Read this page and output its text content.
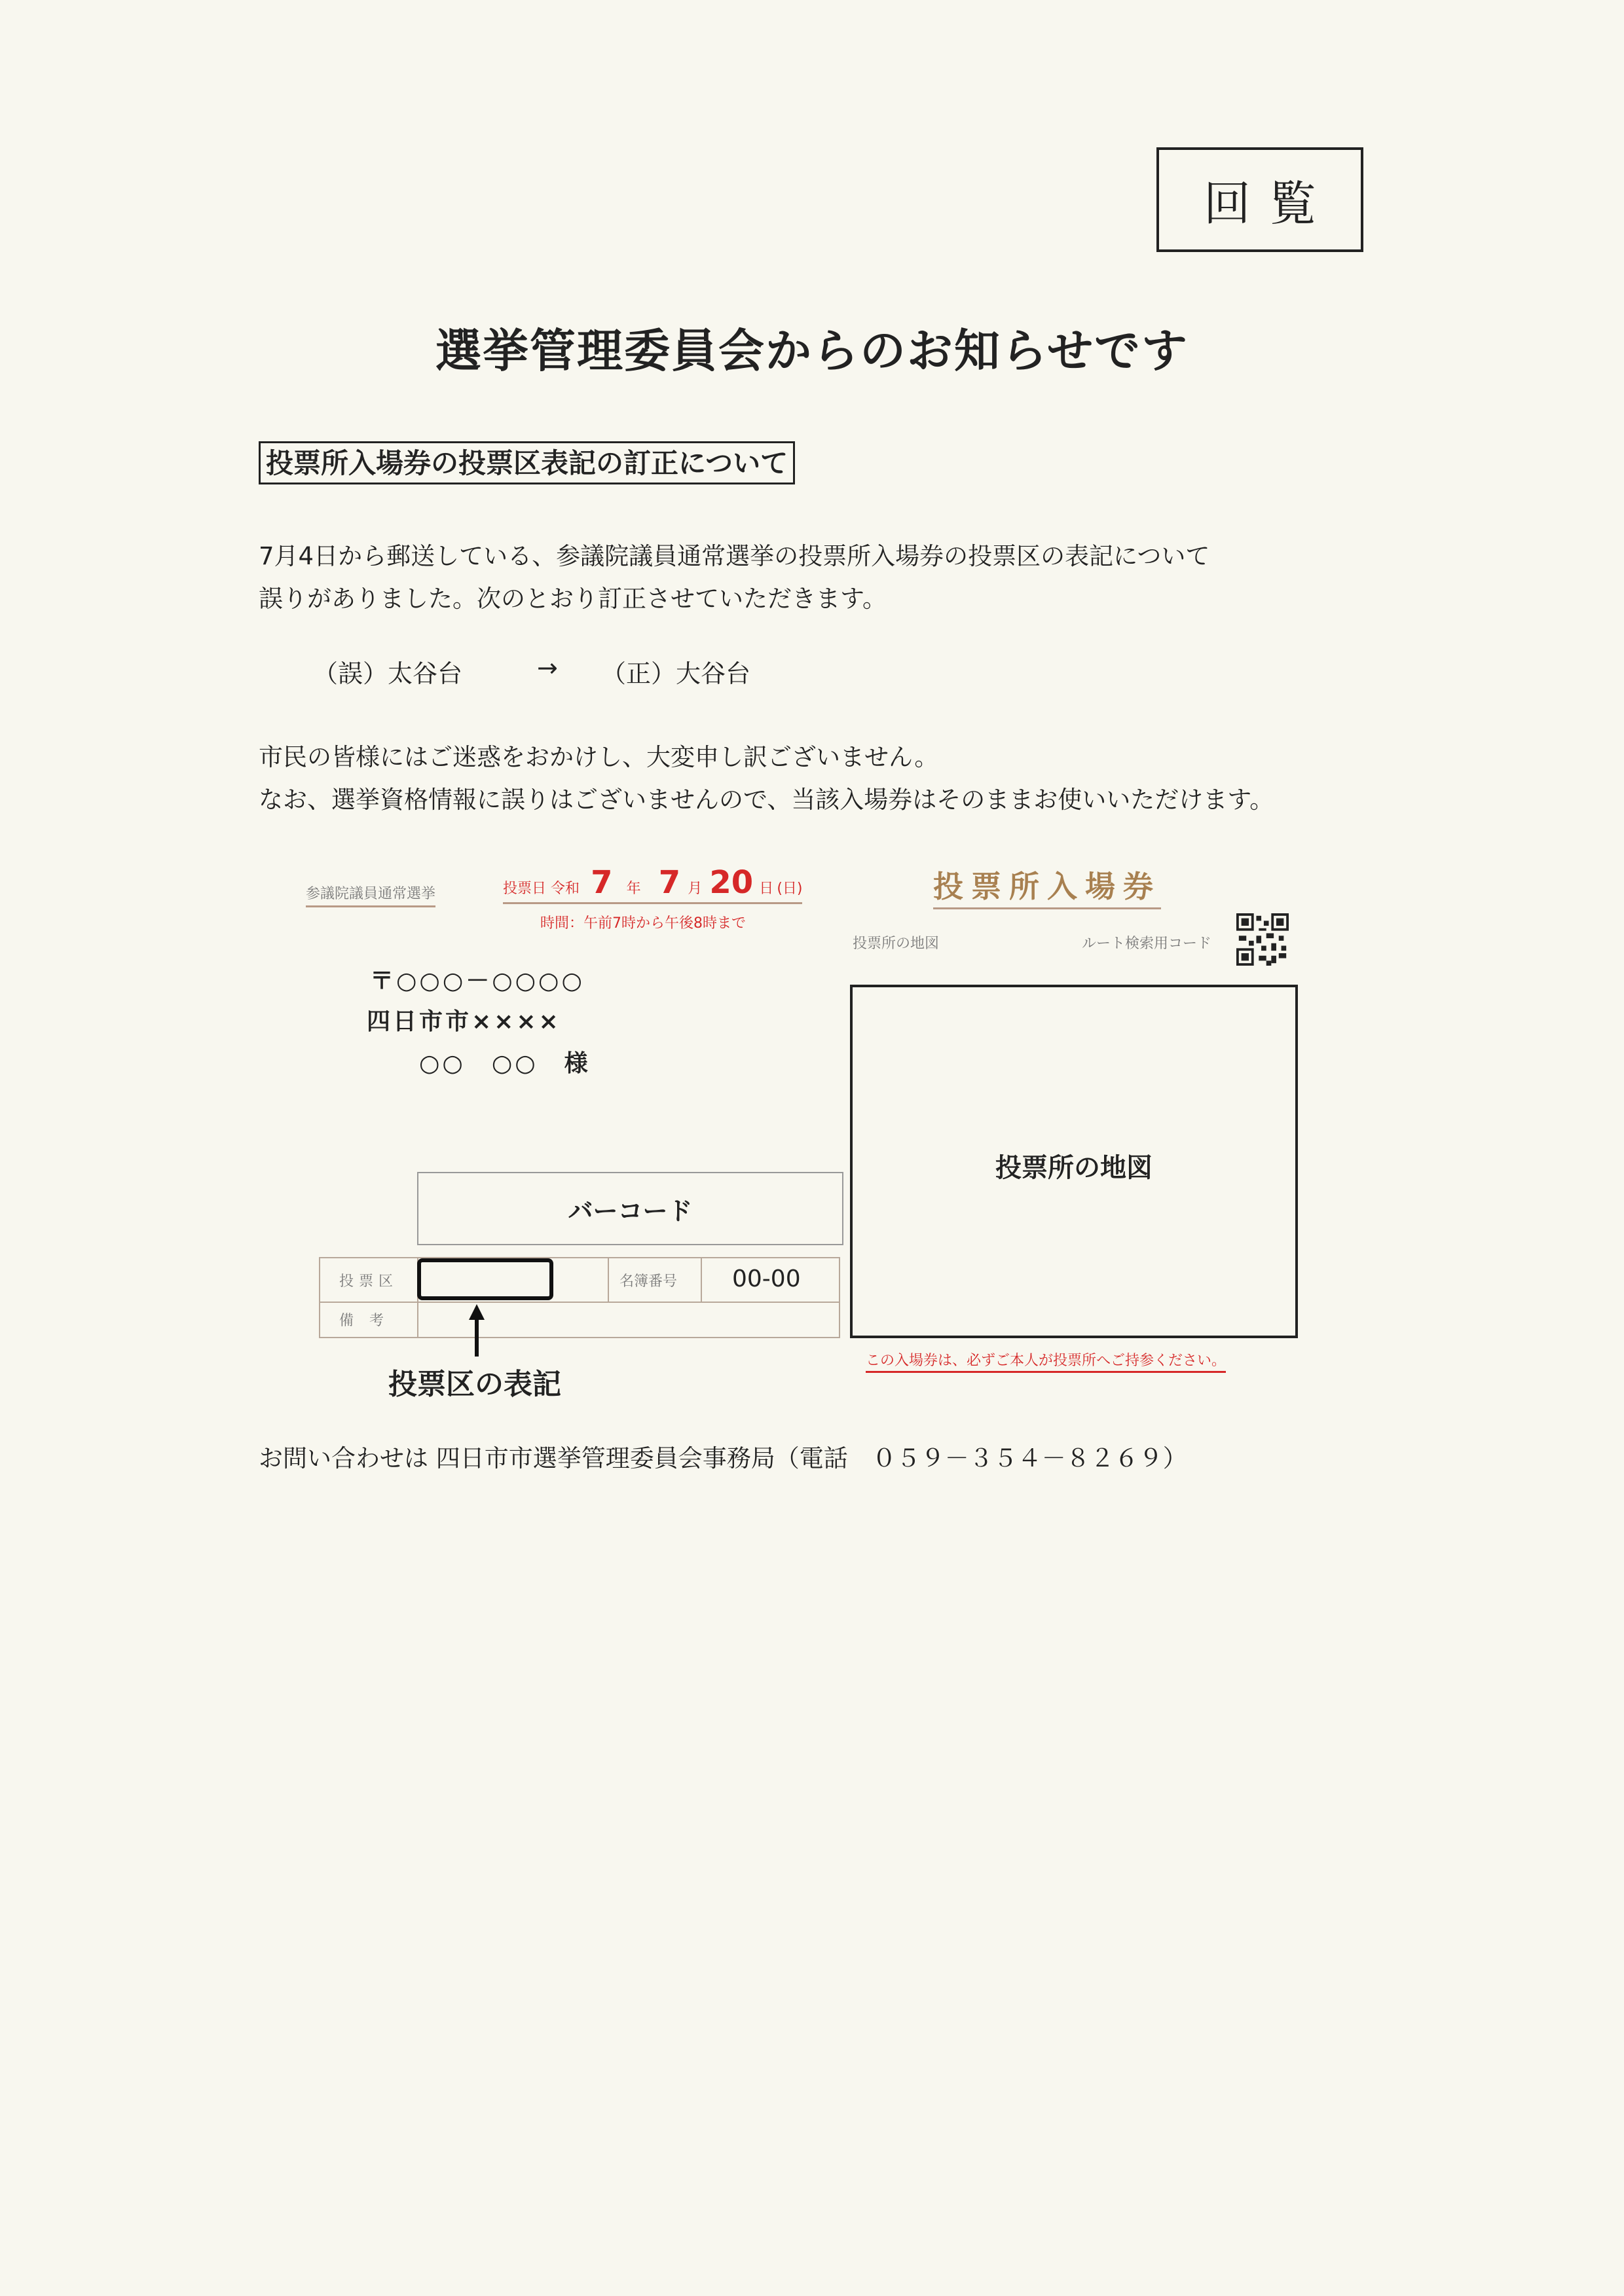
回覧
選挙管理委員会からのお知らせです
投票所入場券の投票区表記の訂正について
7月4日から郵送している、参議院議員通常選挙の投票所入場券の投票区の表記について
誤りがありました。次のとおり訂正させていただきます。
（誤）太谷台	→ （正）大谷台
市民の皆様にはご迷惑をおかけし、大変申し訳ございません。
なお、選挙資格情報に誤りはございませんので、当該入場券はそのままお使いいただけます。
参議院議員通常選挙	投票日 令和 7 年 7 月 20 日 (日)
時間：午前7時から午後8時まで
投票所入場券
投票所の地図	ルート検索用コード
〒○○○－○○○○
四日市市××××
○○　○○　様
投票所の地図
バーコード
投票区	名簿番号 00-00
備考
投票区の表記
この入場券は、必ずご本人が投票所へご持参ください。
お問い合わせは 四日市市選挙管理委員会事務局（電話　０５９－３５４－８２６９）
